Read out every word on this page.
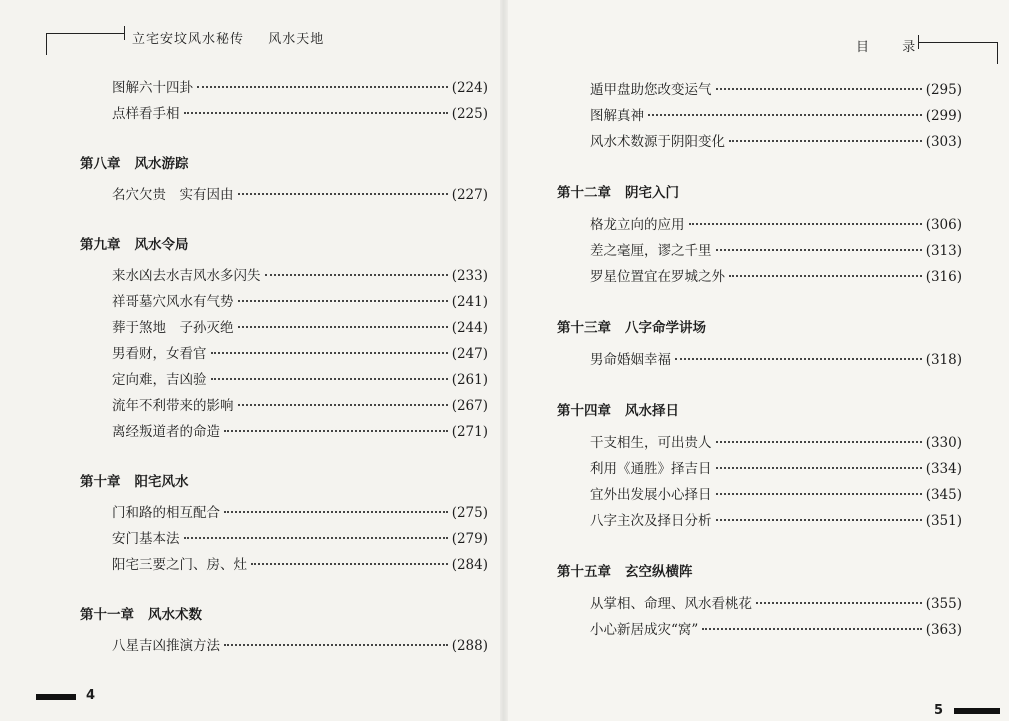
立宅安坟风水秘传 风水天地
目 录
图解六十四卦	(224)
点样看手相	(225)
第八章 风水游踪
名穴欠贵　实有因由	(227)
第九章 风水令局
来水凶去水吉风水多闪失	(233)
祥哥墓穴风水有气势	(241)
葬于煞地　子孙灭绝	(244)
男看财，女看官	(247)
定向难，吉凶验	(261)
流年不利带来的影响	(267)
离经叛道者的命造	(271)
第十章 阳宅风水
门和路的相互配合	(275)
安门基本法	(279)
阳宅三要之门、房、灶	(284)
第十一章 风水术数
八星吉凶推演方法	(288)
遁甲盘助您改变运气	(295)
图解真神	(299)
风水术数源于阴阳变化	(303)
第十二章 阴宅入门
格龙立向的应用	(306)
差之毫厘，谬之千里	(313)
罗星位置宜在罗城之外	(316)
第十三章 八字命学讲场
男命婚姻幸福	(318)
第十四章 风水择日
干支相生，可出贵人	(330)
利用《通胜》择吉日	(334)
宜外出发展小心择日	(345)
八字主次及择日分析	(351)
第十五章 玄空纵横阵
从掌相、命理、风水看桃花	(355)
小心新居成灾“窝”	(363)
4
5
